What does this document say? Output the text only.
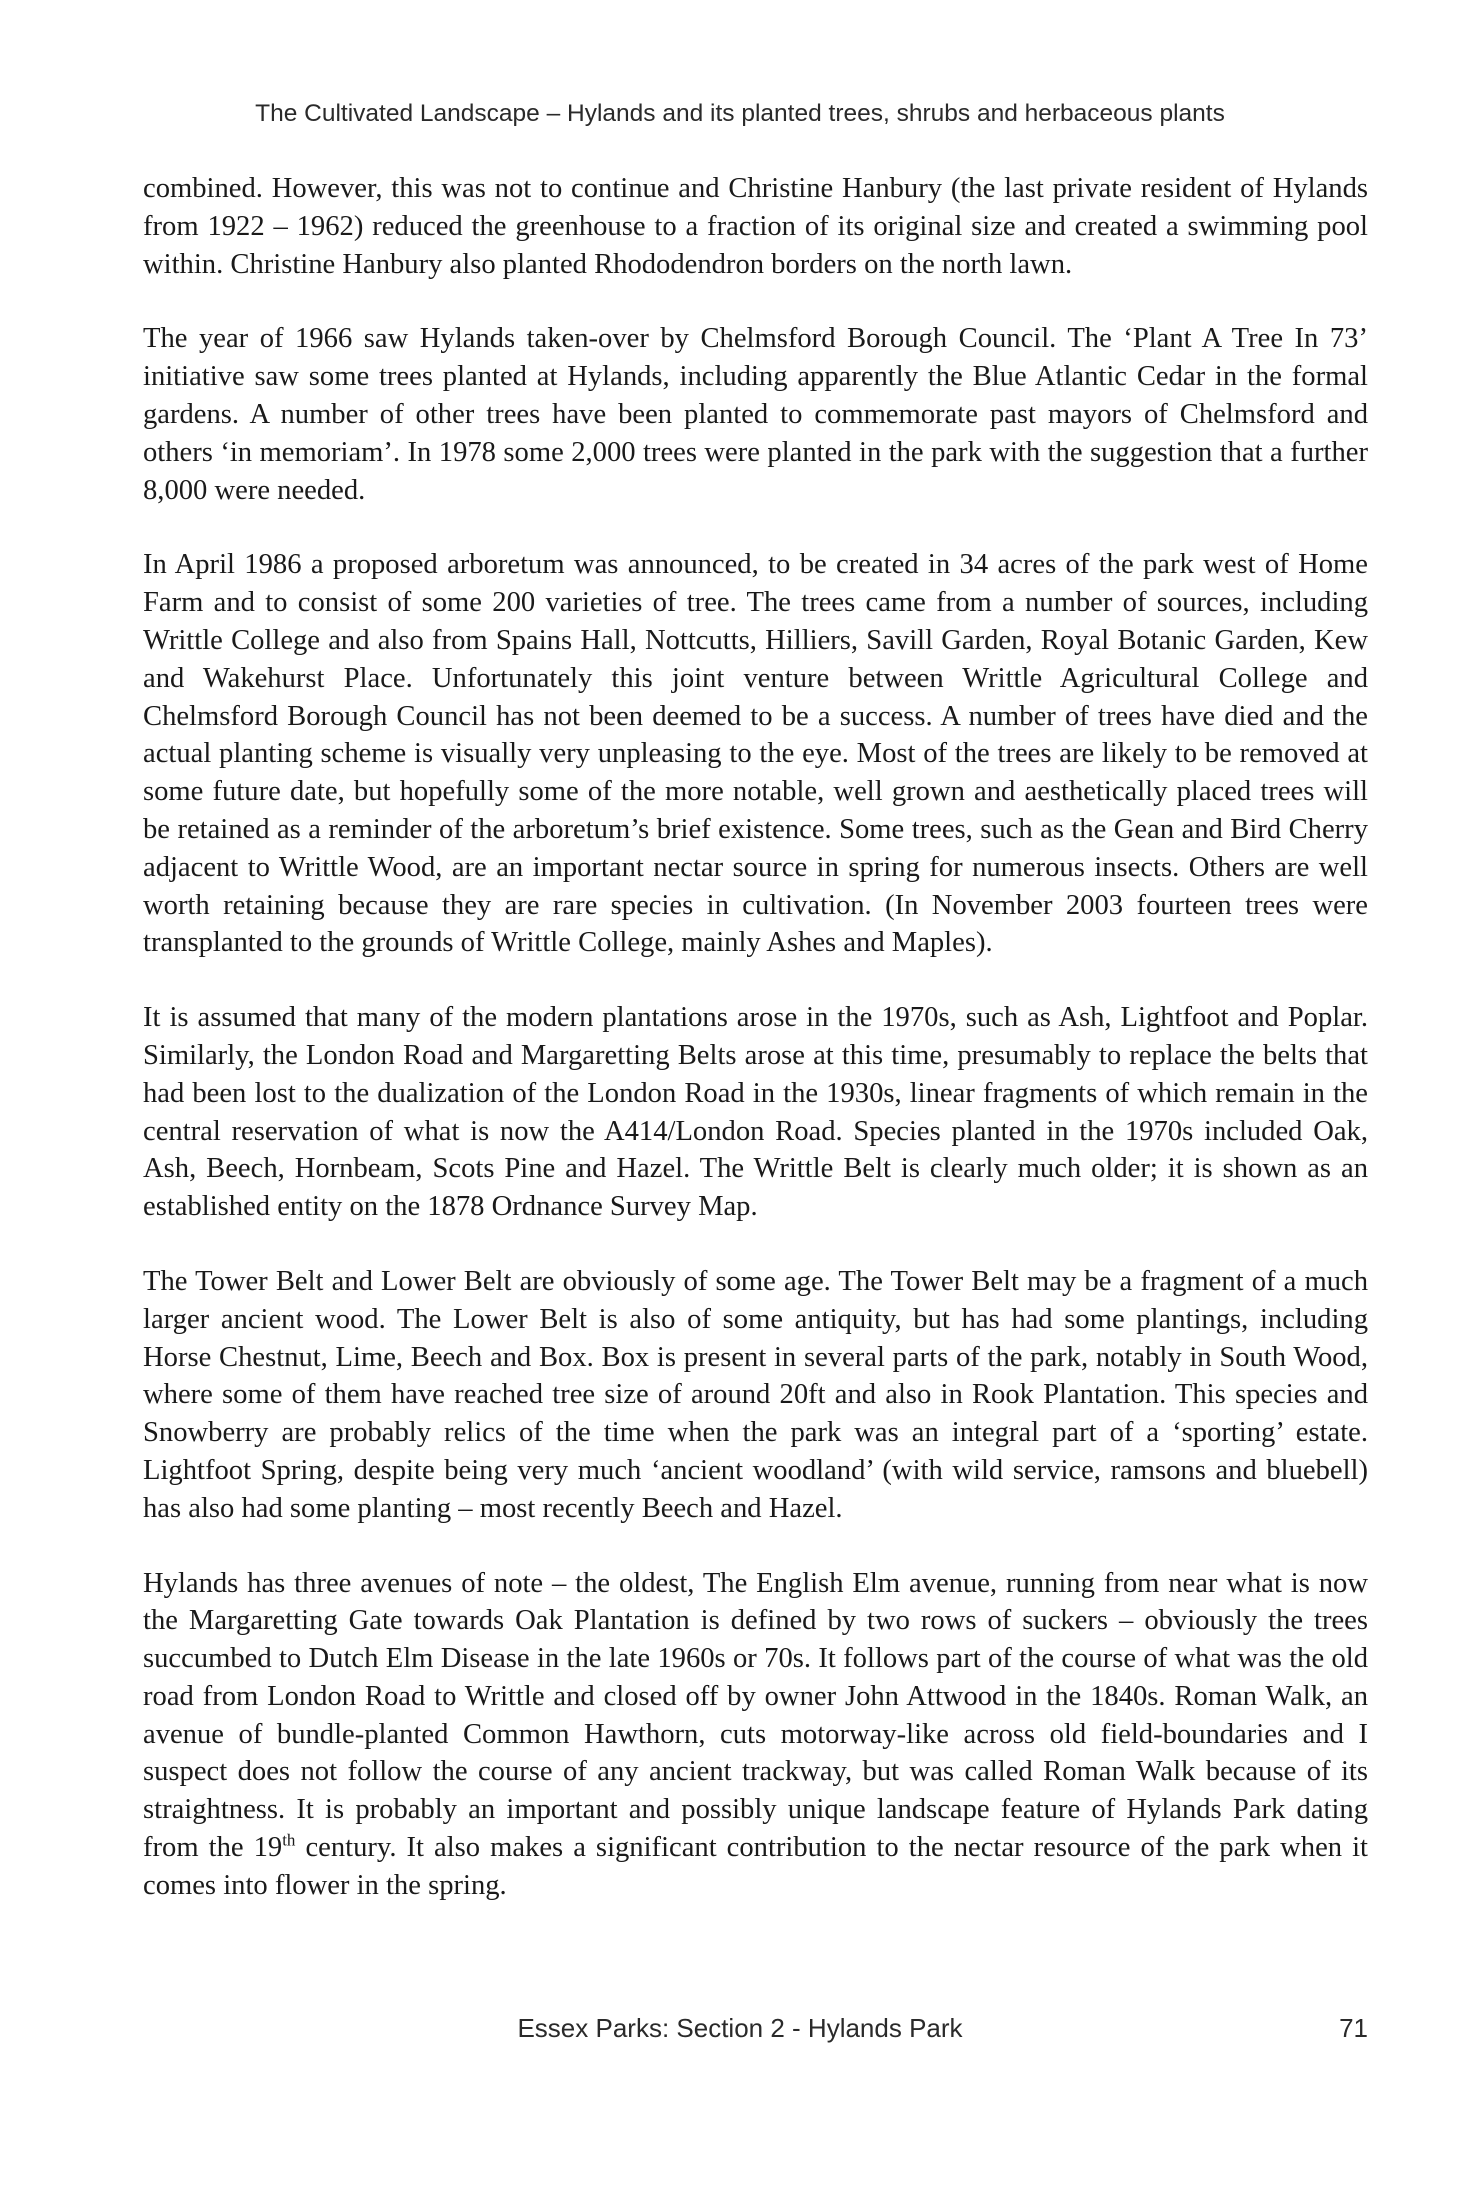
The Cultivated Landscape – Hylands and its planted trees, shrubs and herbaceous plants

combined. However, this was not to continue and Christine Hanbury (the last private resident of Hylands from 1922 – 1962) reduced the greenhouse to a fraction of its original size and created a swimming pool within. Christine Hanbury also planted Rhododendron borders on the north lawn.

The year of 1966 saw Hylands taken-over by Chelmsford Borough Council. The ‘Plant A Tree In 73’ initiative saw some trees planted at Hylands, including apparently the Blue Atlantic Cedar in the formal gardens. A number of other trees have been planted to commemorate past mayors of Chelmsford and others ‘in memoriam’. In 1978 some 2,000 trees were planted in the park with the suggestion that a further 8,000 were needed.

In April 1986 a proposed arboretum was announced, to be created in 34 acres of the park west of Home Farm and to consist of some 200 varieties of tree. The trees came from a number of sources, including Writtle College and also from Spains Hall, Nottcutts, Hilliers, Savill Garden, Royal Botanic Garden, Kew and Wakehurst Place. Unfortunately this joint venture between Writtle Agricultural College and Chelmsford Borough Council has not been deemed to be a success. A number of trees have died and the actual planting scheme is visually very unpleasing to the eye. Most of the trees are likely to be removed at some future date, but hopefully some of the more notable, well grown and aesthetically placed trees will be retained as a reminder of the arboretum’s brief existence. Some trees, such as the Gean and Bird Cherry adjacent to Writtle Wood, are an important nectar source in spring for numerous insects. Others are well worth retaining because they are rare species in cultivation. (In November 2003 fourteen trees were transplanted to the grounds of Writtle College, mainly Ashes and Maples).

It is assumed that many of the modern plantations arose in the 1970s, such as Ash, Lightfoot and Poplar. Similarly, the London Road and Margaretting Belts arose at this time, presumably to replace the belts that had been lost to the dualization of the London Road in the 1930s, linear fragments of which remain in the central reservation of what is now the A414/London Road. Species planted in the 1970s included Oak, Ash, Beech, Hornbeam, Scots Pine and Hazel. The Writtle Belt is clearly much older; it is shown as an established entity on the 1878 Ordnance Survey Map.

The Tower Belt and Lower Belt are obviously of some age. The Tower Belt may be a fragment of a much larger ancient wood. The Lower Belt is also of some antiquity, but has had some plantings, including Horse Chestnut, Lime, Beech and Box. Box is present in several parts of the park, notably in South Wood, where some of them have reached tree size of around 20ft and also in Rook Plantation. This species and Snowberry are probably relics of the time when the park was an integral part of a ‘sporting’ estate. Lightfoot Spring, despite being very much ‘ancient woodland’ (with wild service, ramsons and bluebell) has also had some planting – most recently Beech and Hazel.

Hylands has three avenues of note – the oldest, The English Elm avenue, running from near what is now the Margaretting Gate towards Oak Plantation is defined by two rows of suckers – obviously the trees succumbed to Dutch Elm Disease in the late 1960s or 70s. It follows part of the course of what was the old road from London Road to Writtle and closed off by owner John Attwood in the 1840s. Roman Walk, an avenue of bundle-planted Common Hawthorn, cuts motorway-like across old field-boundaries and I suspect does not follow the course of any ancient trackway, but was called Roman Walk because of its straightness. It is probably an important and possibly unique landscape feature of Hylands Park dating from the 19th century. It also makes a significant contribution to the nectar resource of the park when it comes into flower in the spring.

Essex Parks: Section 2 - Hylands Park	71
